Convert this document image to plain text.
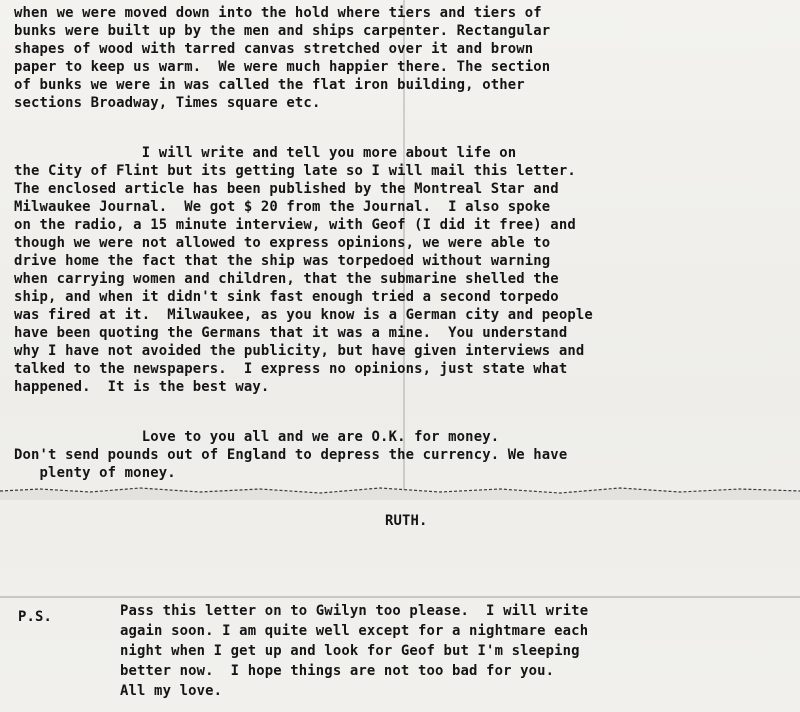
when we were moved down into the hold where tiers and tiers of
bunks were built up by the men and ships carpenter. Rectangular
shapes of wood with tarred canvas stretched over it and brown
paper to keep us warm.  We were much happier there. The section
of bunks we were in was called the flat iron building, other
sections Broadway, Times square etc.
I will write and tell you more about life on
the City of Flint but its getting late so I will mail this letter.
The enclosed article has been published by the Montreal Star and
Milwaukee Journal.  We got $ 20 from the Journal.  I also spoke
on the radio, a 15 minute interview, with Geof (I did it free) and
though we were not allowed to express opinions, we were able to
drive home the fact that the ship was torpedoed without warning
when carrying women and children, that the submarine shelled the
ship, and when it didn't sink fast enough tried a second torpedo
was fired at it.  Milwaukee, as you know is a German city and people
have been quoting the Germans that it was a mine.  You understand
why I have not avoided the publicity, but have given interviews and
talked to the newspapers.  I express no opinions, just state what
happened.  It is the best way.
Love to you all and we are O.K. for money.
Don't send pounds out of England to depress the currency. We have
plenty of money.
RUTH.
P.S.	Pass this letter on to Gwilyn too please.  I will write
again soon. I am quite well except for a nightmare each
night when I get up and look for Geof but I'm sleeping
better now.  I hope things are not too bad for you.
All my love.
